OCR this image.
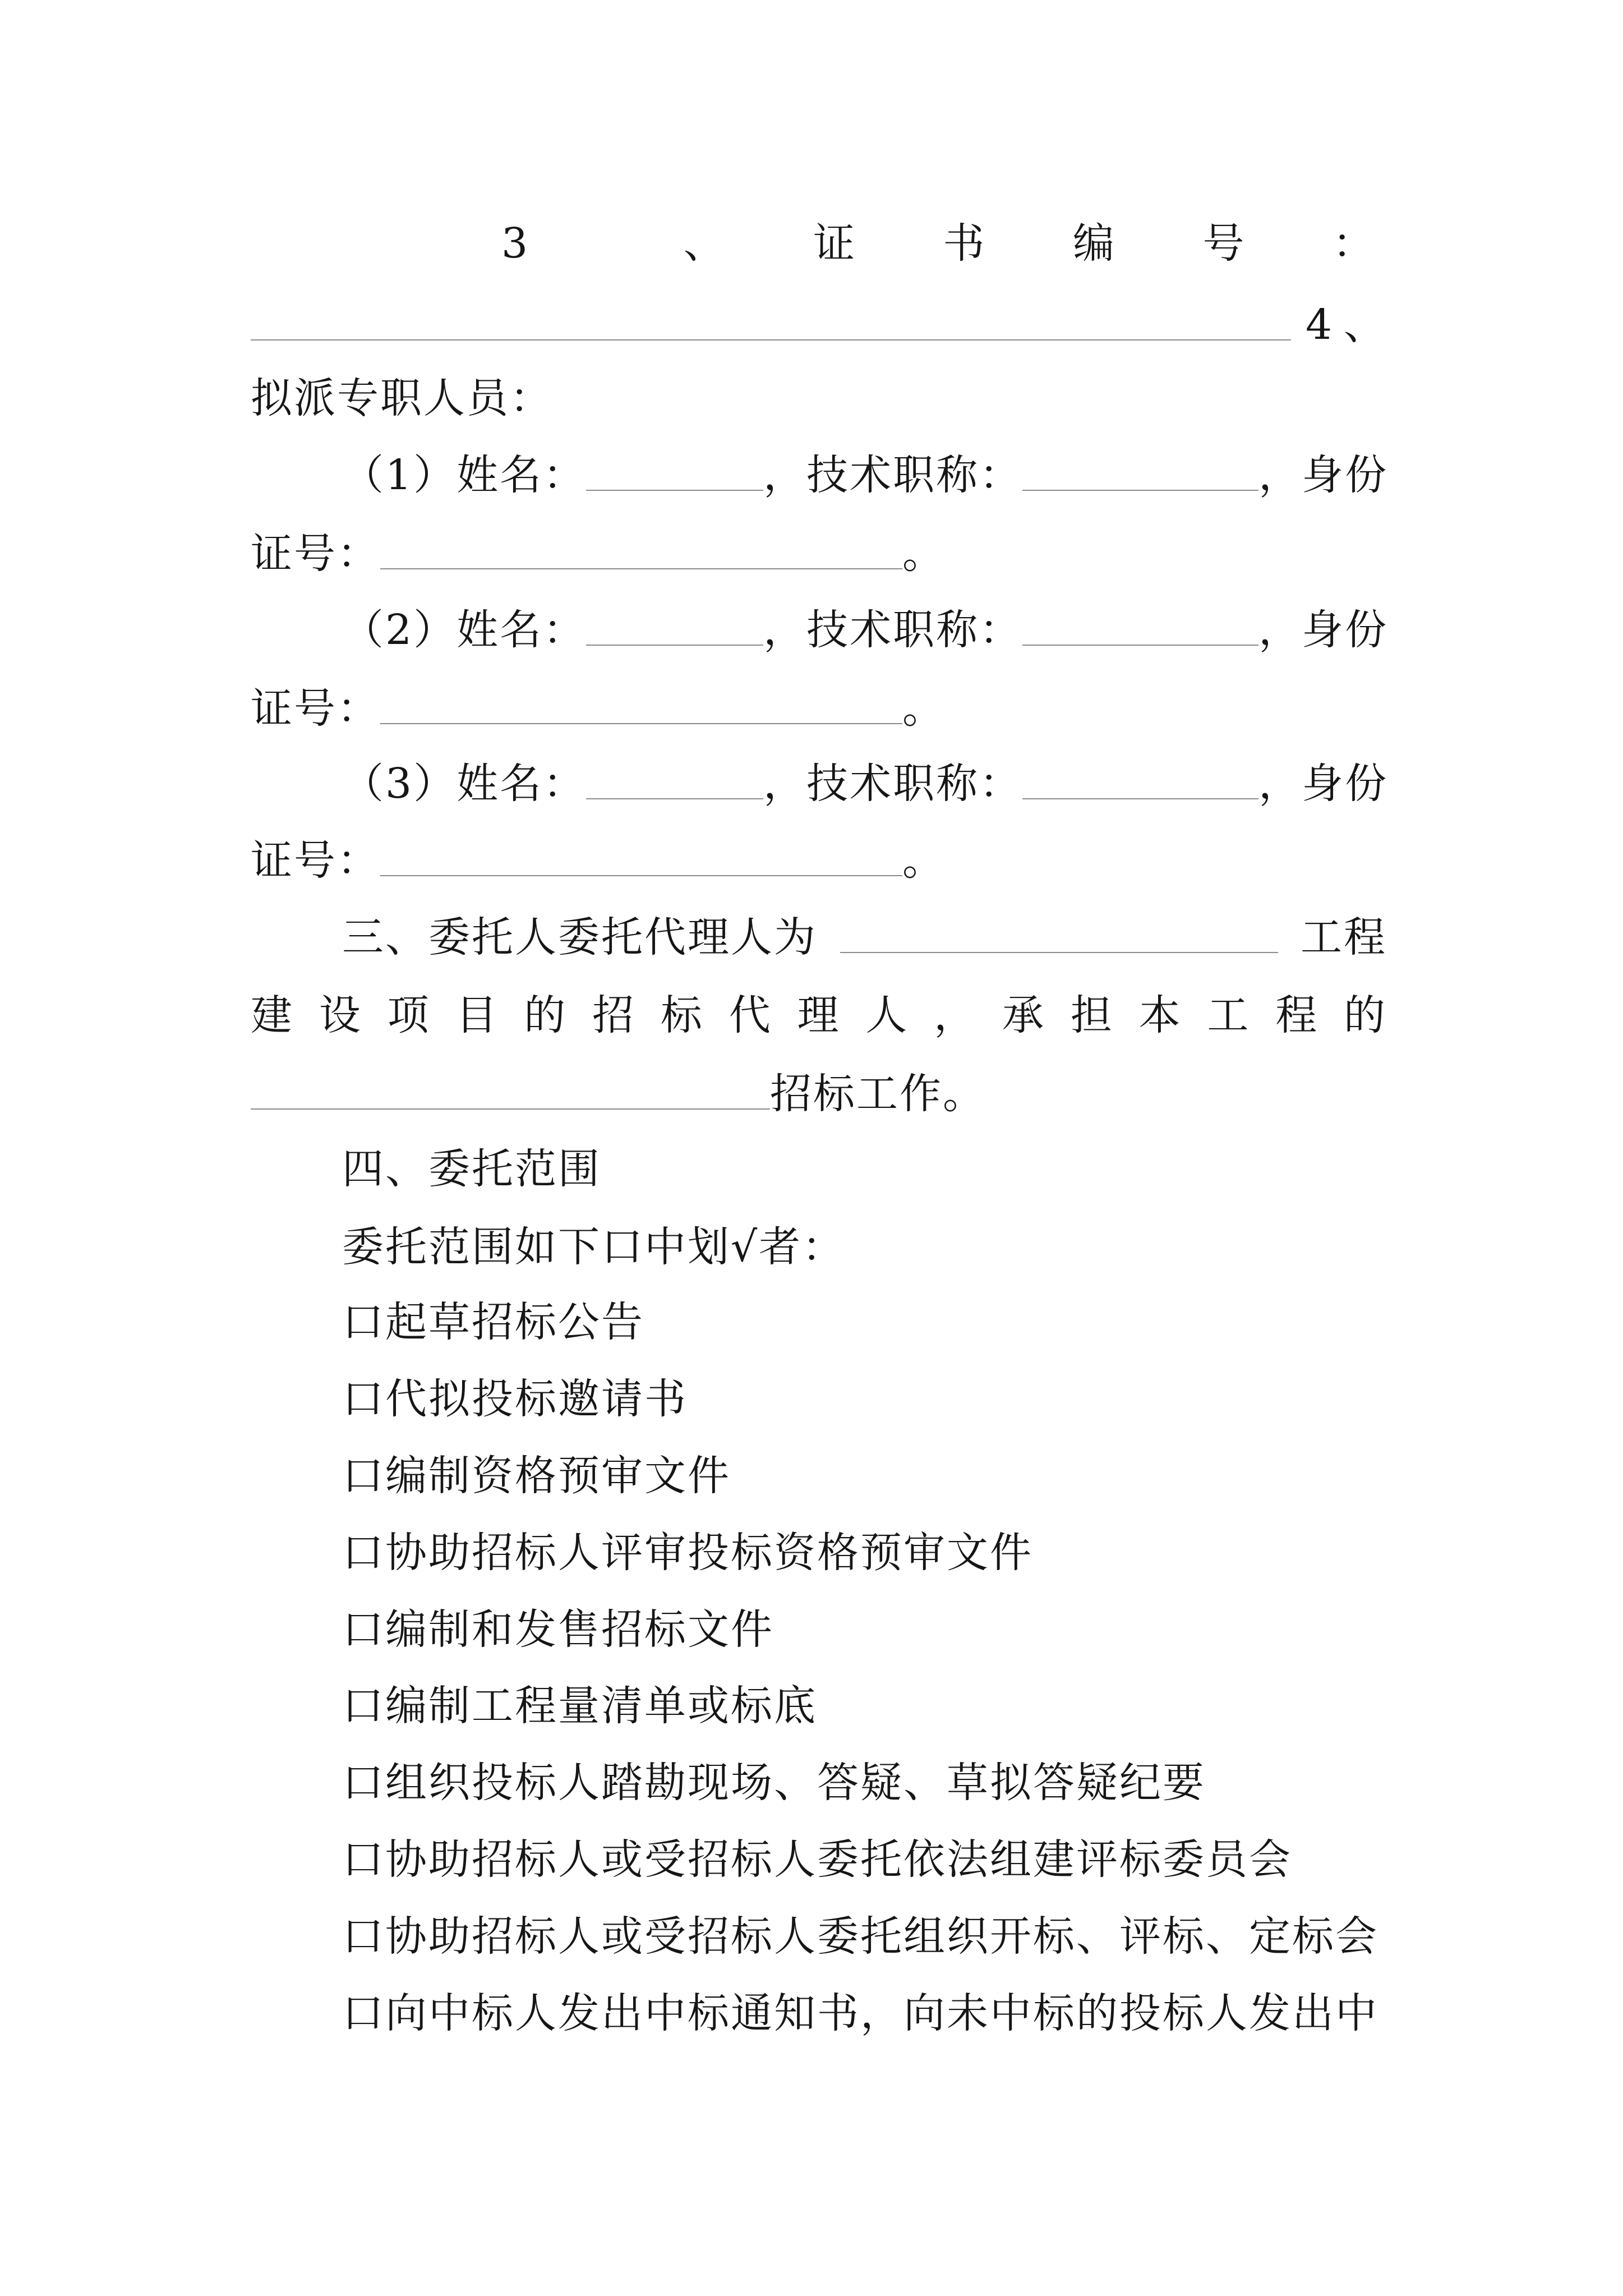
3	、 证 书 编 号 ：
4 、
拟派专职人员：
（1）姓名：	，技术职称：	，身份
证号：	。
（2）姓名：	，技术职称：	，身份
证号：	。
（3）姓名：	，技术职称：	，身份
证号：	。
三、委托人委托代理人为	工程
建 设 项 目 的 招 标 代 理 人 ， 承 担 本 工 程 的
招标工作。
四、委托范围
委托范围如下口中划√者：
口起草招标公告
口代拟投标邀请书
口编制资格预审文件
口协助招标人评审投标资格预审文件
口编制和发售招标文件
口编制工程量清单或标底
口组织投标人踏勘现场、答疑、草拟答疑纪要
口协助招标人或受招标人委托依法组建评标委员会
口协助招标人或受招标人委托组织开标、评标、定标会
口向中标人发出中标通知书，向未中标的投标人发出中
